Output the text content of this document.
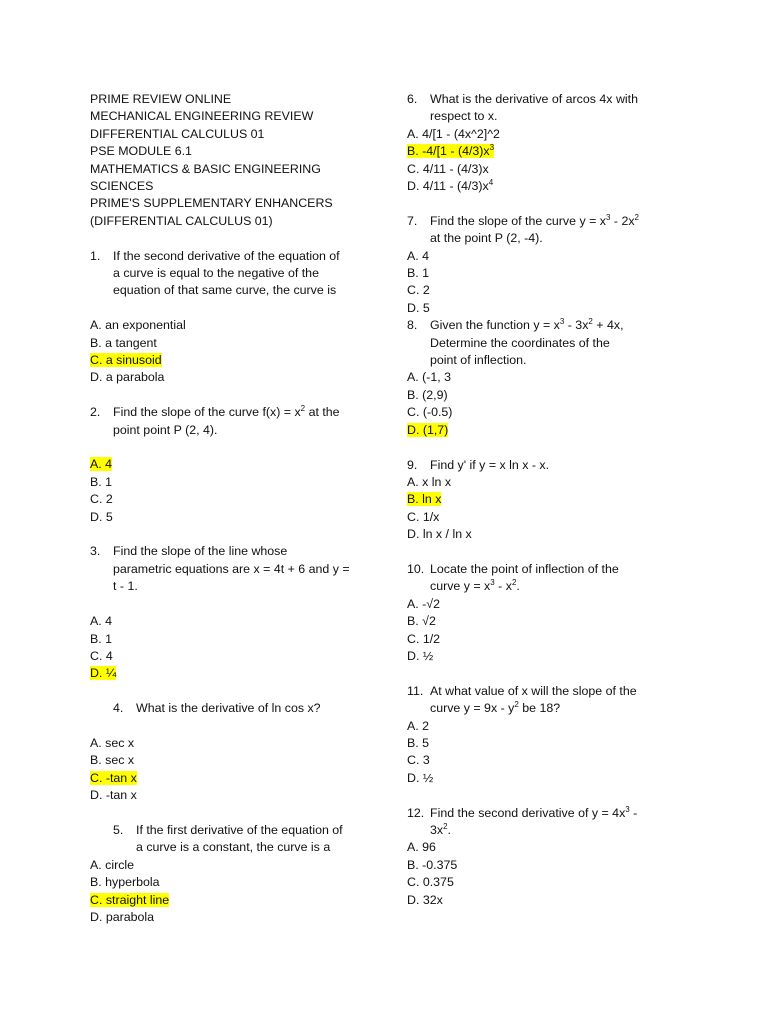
PRIME REVIEW ONLINE
MECHANICAL ENGINEERING REVIEW
DIFFERENTIAL CALCULUS 01
PSE MODULE 6.1
MATHEMATICS & BASIC ENGINEERING
SCIENCES
PRIME'S SUPPLEMENTARY ENHANCERS
(DIFFERENTIAL CALCULUS 01)
1. If the second derivative of the equation of
a curve is equal to the negative of the
equation of that same curve, the curve is
A. an exponential
B. a tangent
C. a sinusoid
D. a parabola
2. Find the slope of the curve $f(x) = x^2$ at the
point point P (2, 4).
A. 4
B. 1
C. 2
D. 5
3. Find the slope of the line whose
parametric equations are x = 4t + 6 and y =
t - 1.
A. 4
B. 1
C. 4
D. ¼
4. What is the derivative of ln cos x?
A. sec x
B. sec x
C. -tan x
D. -tan x
5. If the first derivative of the equation of
a curve is a constant, the curve is a
A. circle
B. hyperbola
C. straight line
D. parabola
6. What is the derivative of arcos 4x with
respect to x.
A. 4/[1 - (4x^2]^2
B. $-4/[1 - (4/3)x^3$
C. 4/11 - (4/3)x
D. $4/11 - (4/3)x^4$
7. Find the slope of the curve $y = x^3 - 2x^2$
at the point P (2, -4).
A. 4
B. 1
C. 2
D. 5
8. Given the function $y = x^3 - 3x^2 + 4x$,
Determine the coordinates of the
point of inflection.
A. (-1, 3
B. (2,9)
C. (-0.5)
D. (1,7)
9. Find y' if y = x ln x - x.
A. x ln x
B. ln x
C. 1/x
D. ln x / ln x
10. Locate the point of inflection of the
curve $y = x^3 - x^2$.
A. -√2
B. √2
C. 1/2
D. ½
11. At what value of x will the slope of the
curve $y = 9x - y^2$ be 18?
A. 2
B. 5
C. 3
D. ½
12. Find the second derivative of $y = 4x^3$ -
$3x^2$.
A. 96
B. -0.375
C. 0.375
D. 32x
